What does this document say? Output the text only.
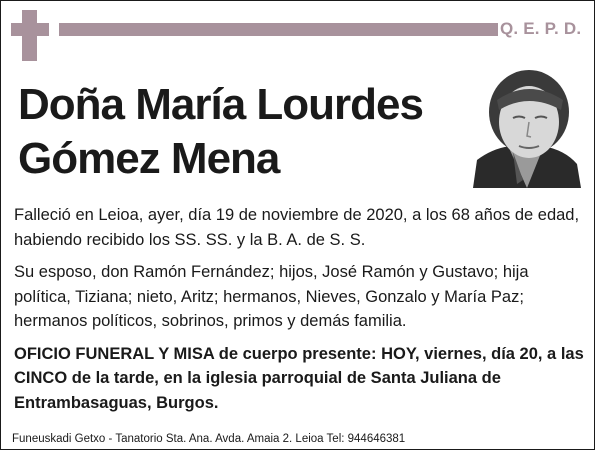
Q. E. P. D.
Doña María Lourdes
Gómez Mena

Falleció en Leioa, ayer, día 19 de noviembre de 2020, a los 68 años de edad, habiendo recibido los SS. SS. y la B. A. de S. S.

Su esposo, don Ramón Fernández; hijos, José Ramón y Gustavo; hija política, Tiziana; nieto, Aritz; hermanos, Nieves, Gonzalo y María Paz; hermanos políticos, sobrinos, primos y demás familia.

OFICIO FUNERAL Y MISA de cuerpo presente: HOY, viernes, día 20, a las CINCO de la tarde, en la iglesia parroquial de Santa Juliana de Entrambasaguas, Burgos.

Funeuskadi Getxo - Tanatorio Sta. Ana. Avda. Amaia 2. Leioa Tel: 944646381
